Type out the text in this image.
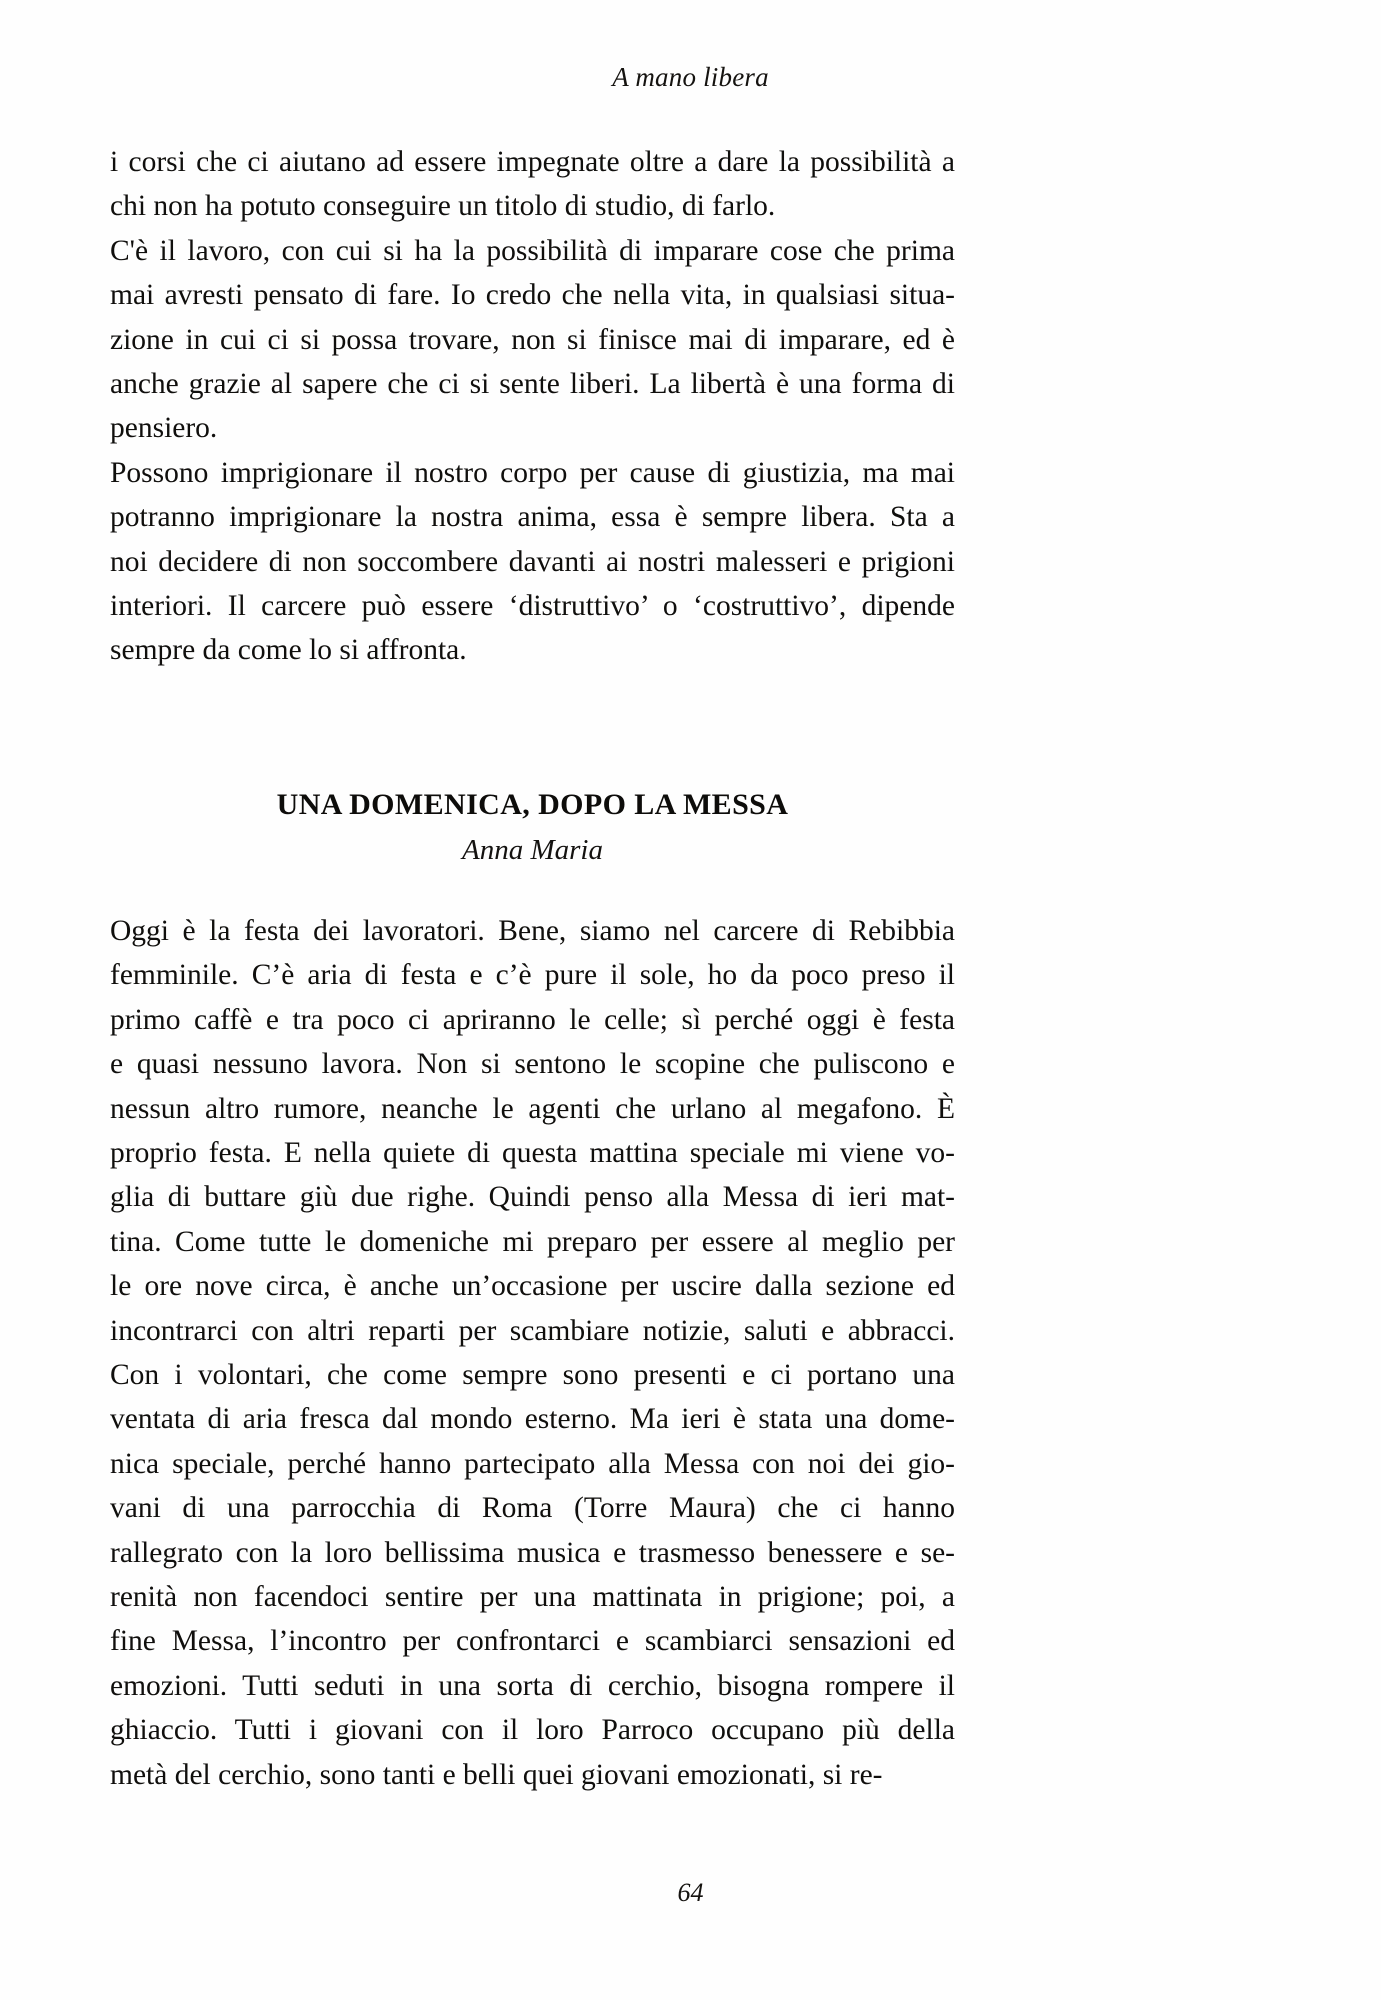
A mano libera
i corsi che ci aiutano ad essere impegnate oltre a dare la possibilità a
chi non ha potuto conseguire un titolo di studio, di farlo.
C'è il lavoro, con cui si ha la possibilità di imparare cose che prima
mai avresti pensato di fare. Io credo che nella vita, in qualsiasi situa-
zione in cui ci si possa trovare, non si finisce mai di imparare, ed è
anche grazie al sapere che ci si sente liberi. La libertà è una forma di
pensiero.
Possono imprigionare il nostro corpo per cause di giustizia, ma mai
potranno imprigionare la nostra anima, essa è sempre libera. Sta a
noi decidere di non soccombere davanti ai nostri malesseri e prigioni
interiori. Il carcere può essere ‘distruttivo’ o ‘costruttivo’, dipende
sempre da come lo si affronta.
UNA DOMENICA, DOPO LA MESSA
Anna Maria
Oggi è la festa dei lavoratori. Bene, siamo nel carcere di Rebibbia
femminile. C’è aria di festa e c’è pure il sole, ho da poco preso il
primo caffè e tra poco ci apriranno le celle; sì perché oggi è festa
e quasi nessuno lavora. Non si sentono le scopine che puliscono e
nessun altro rumore, neanche le agenti che urlano al megafono. È
proprio festa. E nella quiete di questa mattina speciale mi viene vo-
glia di buttare giù due righe. Quindi penso alla Messa di ieri mat-
tina. Come tutte le domeniche mi preparo per essere al meglio per
le ore nove circa, è anche un’occasione per uscire dalla sezione ed
incontrarci con altri reparti per scambiare notizie, saluti e abbracci.
Con i volontari, che come sempre sono presenti e ci portano una
ventata di aria fresca dal mondo esterno. Ma ieri è stata una dome-
nica speciale, perché hanno partecipato alla Messa con noi dei gio-
vani di una parrocchia di Roma (Torre Maura) che ci hanno
rallegrato con la loro bellissima musica e trasmesso benessere e se-
renità non facendoci sentire per una mattinata in prigione; poi, a
fine Messa, l’incontro per confrontarci e scambiarci sensazioni ed
emozioni. Tutti seduti in una sorta di cerchio, bisogna rompere il
ghiaccio. Tutti i giovani con il loro Parroco occupano più della
metà del cerchio, sono tanti e belli quei giovani emozionati, si re-
64
